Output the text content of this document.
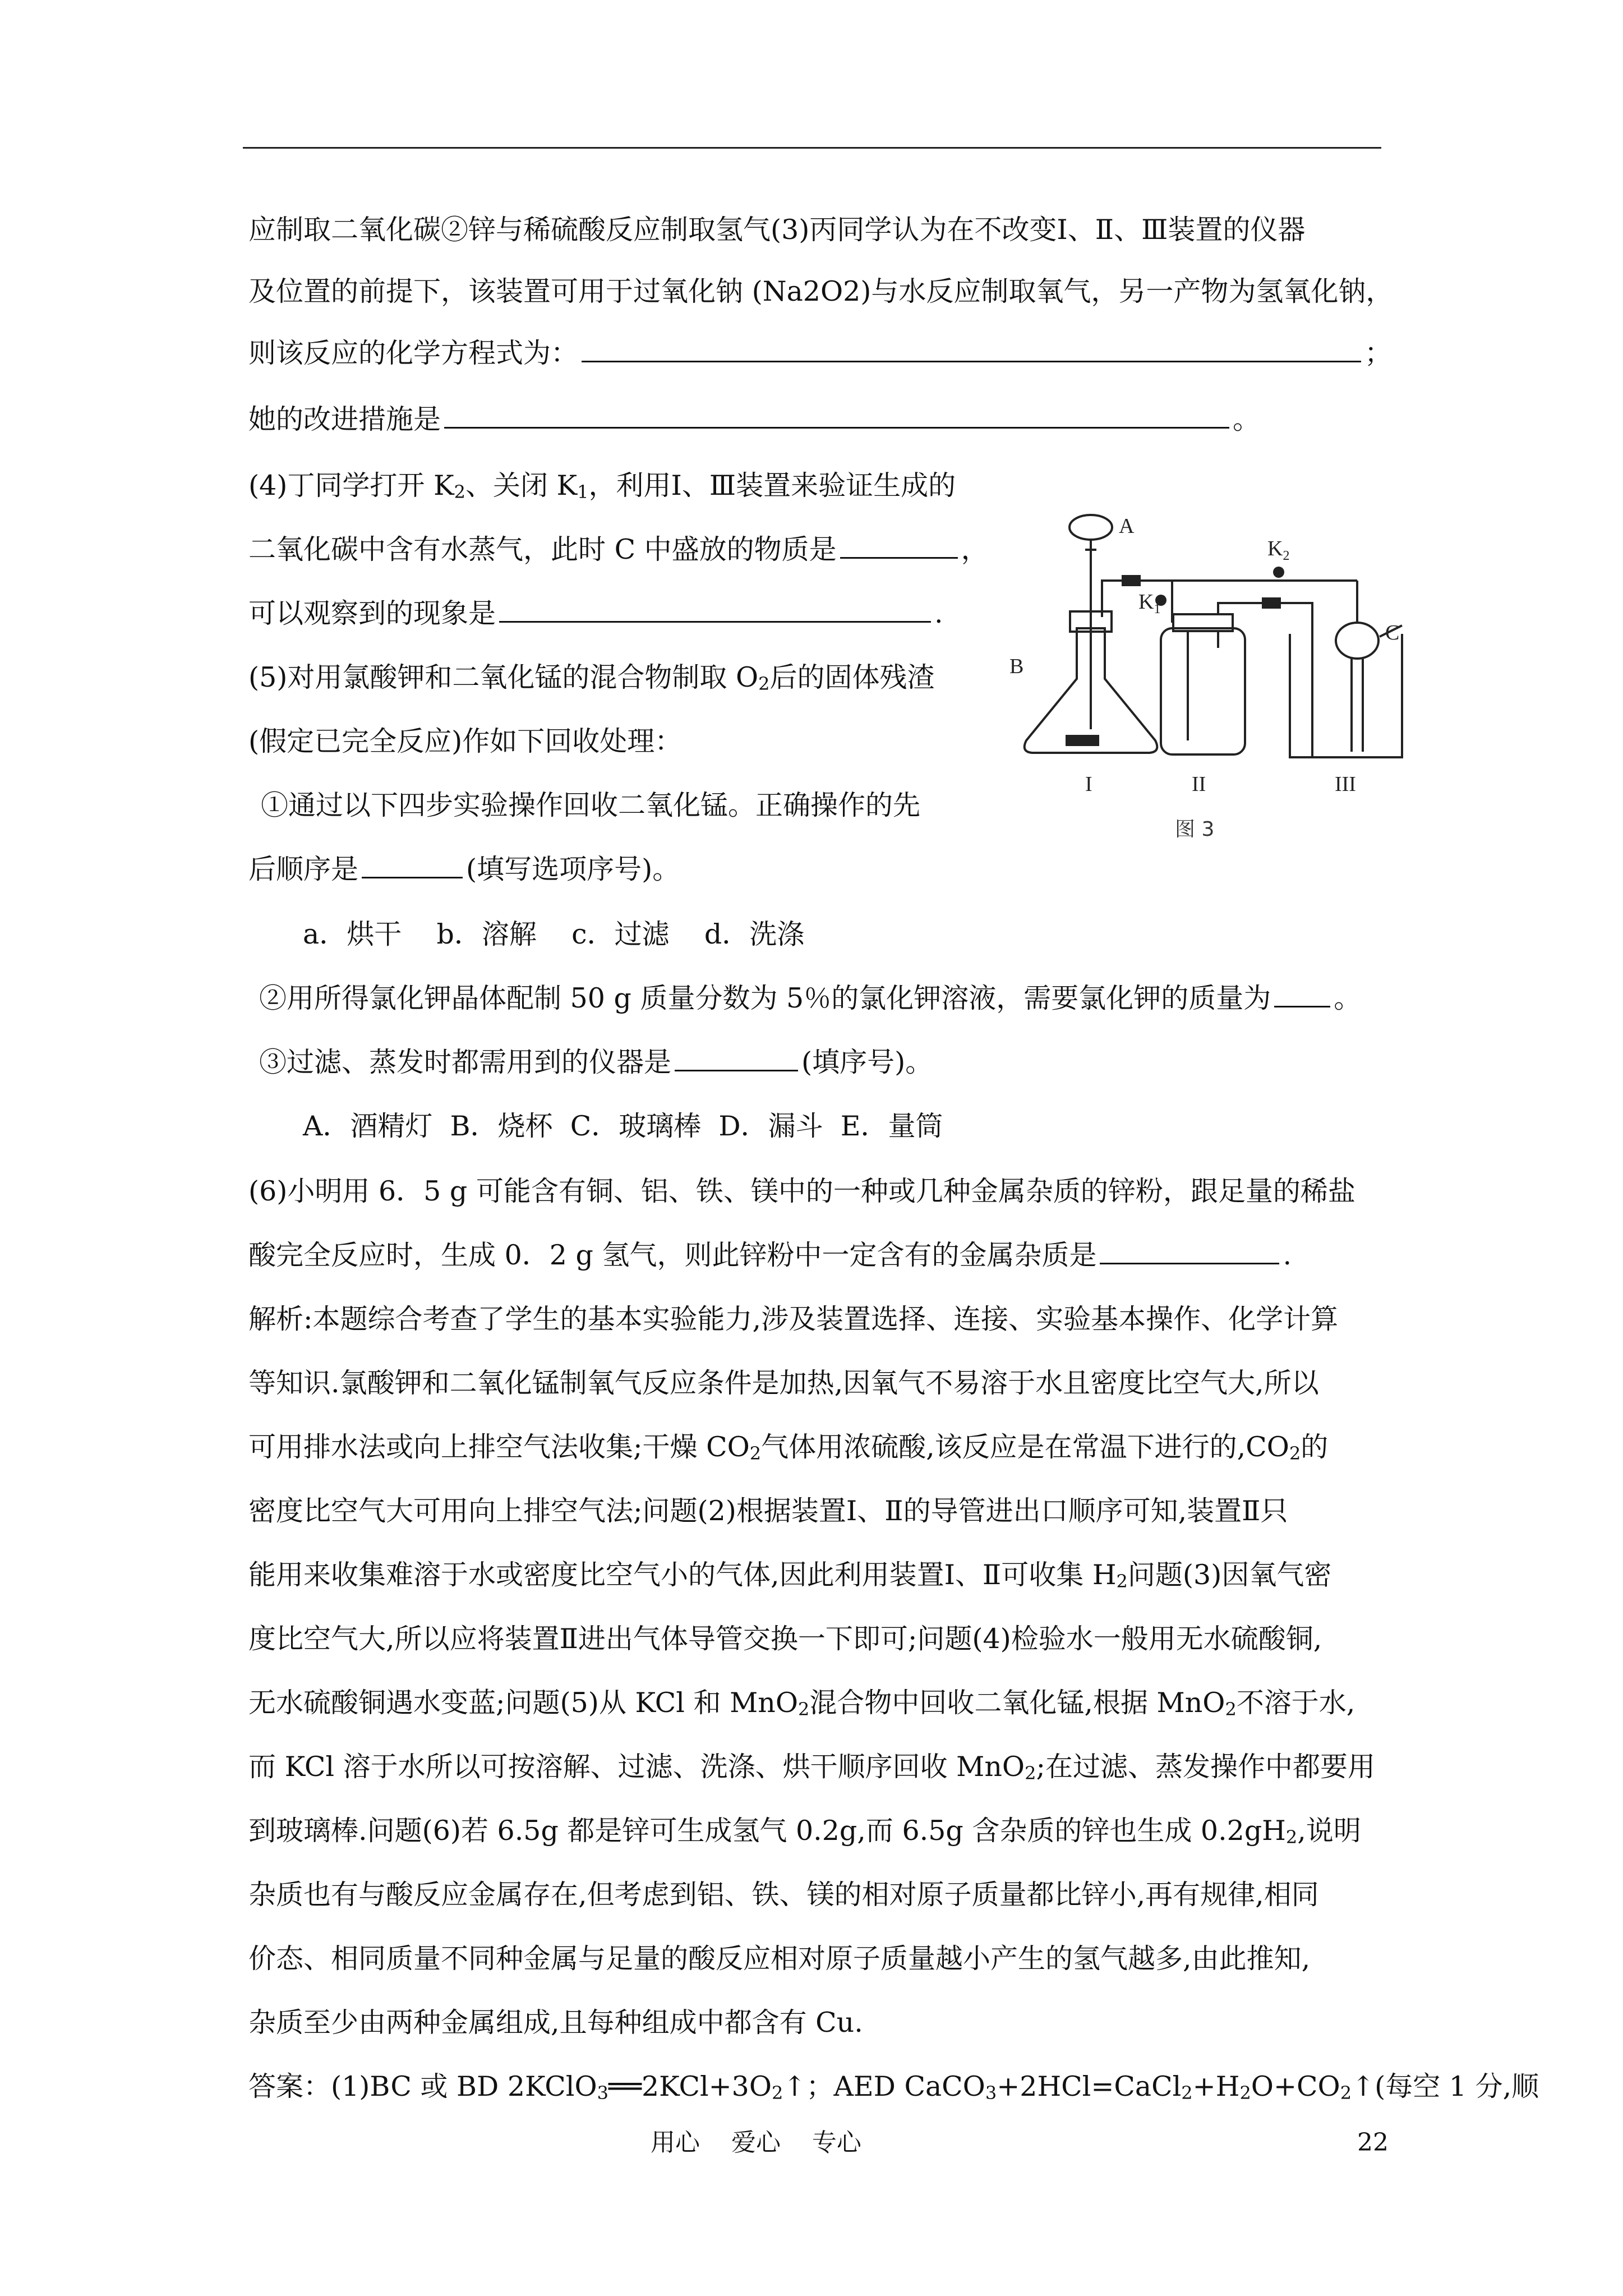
应制取二氧化碳②锌与稀硫酸反应制取氢气(3)丙同学认为在不改变Ⅰ、Ⅱ、Ⅲ装置的仪器
及位置的前提下，该装置可用于过氧化钠 (Na2O2)与水反应制取氧气，另一产物为氢氧化钠，
则该反应的化学方程式为：	；
她的改进措施是	。
(4)丁同学打开 $K_2$、关闭 $K_1$，利用Ⅰ、Ⅲ装置来验证生成的
二氧化碳中含有水蒸气，此时 C 中盛放的物质是	，
可以观察到的现象是	.
(5)对用氯酸钾和二氧化锰的混合物制取 $O_2$后的固体残渣
(假定已完全反应)作如下回收处理：
①通过以下四步实验操作回收二氧化锰。正确操作的先
后顺序是	(填写选项序号)。
a．烘干    b．溶解    c．过滤    d．洗涤
②用所得氯化钾晶体配制 50 g 质量分数为 5％的氯化钾溶液，需要氯化钾的质量为 。
③过滤、蒸发时都需用到的仪器是	(填序号)。
A．酒精灯  B．烧杯  C．玻璃棒  D．漏斗  E．量筒
(6)小明用 6．5 g 可能含有铜、铝、铁、镁中的一种或几种金属杂质的锌粉，跟足量的稀盐
酸完全反应时，生成 0．2 g 氢气，则此锌粉中一定含有的金属杂质是	.
解析:本题综合考查了学生的基本实验能力,涉及装置选择、连接、实验基本操作、化学计算
等知识.氯酸钾和二氧化锰制氧气反应条件是加热,因氧气不易溶于水且密度比空气大,所以
可用排水法或向上排空气法收集;干燥 $CO_2$气体用浓硫酸,该反应是在常温下进行的$,CO_2$的
密度比空气大可用向上排空气法;问题(2)根据装置Ⅰ、Ⅱ的导管进出口顺序可知,装置Ⅱ只
能用来收集难溶于水或密度比空气小的气体,因此利用装置Ⅰ、Ⅱ可收集 $H_2$问题(3)因氧气密
度比空气大,所以应将装置Ⅱ进出气体导管交换一下即可;问题(4)检验水一般用无水硫酸铜,
无水硫酸铜遇水变蓝;问题(5)从 KCl 和 MnO$_2$混合物中回收二氧化锰,根据 MnO$_2$不溶于水,
而 KCl 溶于水所以可按溶解、过滤、洗涤、烘干顺序回收 MnO$_2$;在过滤、蒸发操作中都要用
到玻璃棒.问题(6)若 6.5g 都是锌可生成氢气 0.2g,而 6.5g 含杂质的锌也生成 $0.2gH_2$,说明
杂质也有与酸反应金属存在,但考虑到铝、铁、镁的相对原子质量都比锌小,再有规律,相同
价态、相同质量不同种金属与足量的酸反应相对原子质量越小产生的氢气越多,由此推知,
杂质至少由两种金属组成,且每种组成中都含有 Cu.
答案：(1)BC 或 BD $2KClO_3══2KCl+3O_2↑$；AED $CaCO_3+2HCl=CaCl_2+H_2O+CO_2↑$(每空 1 分,顺
A
B
C
$K_1$
$K_2$
I	II	III
图 3
用心    爱心    专心	22
